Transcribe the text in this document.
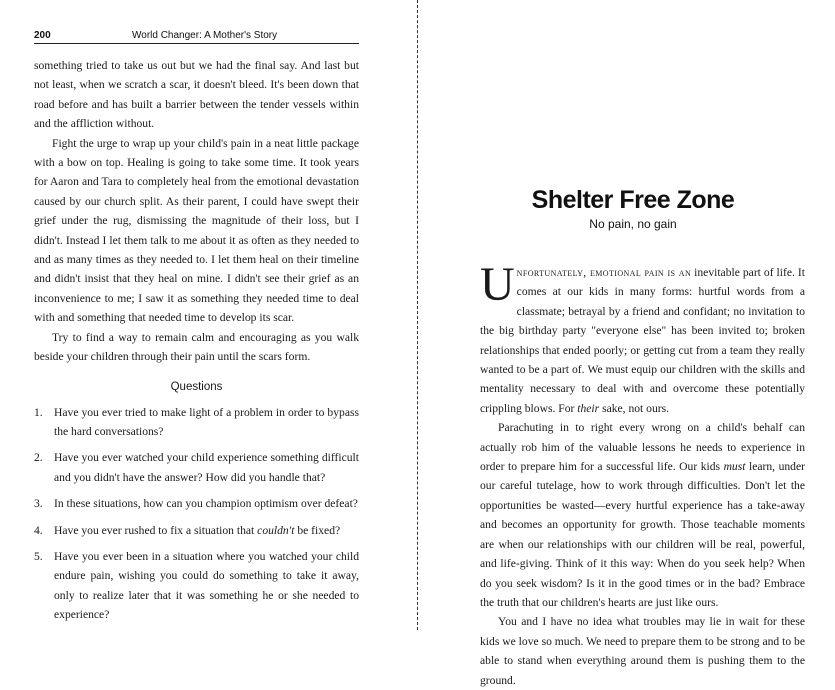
200	World Changer: A Mother's Story

something tried to take us out but we had the final say. And last but not least, when we scratch a scar, it doesn't bleed. It's been down that road before and has built a barrier between the tender vessels within and the affliction without.

Fight the urge to wrap up your child's pain in a neat little package with a bow on top. Healing is going to take some time. It took years for Aaron and Tara to completely heal from the emotional devastation caused by our church split. As their parent, I could have swept their grief under the rug, dismissing the magnitude of their loss, but I didn't. Instead I let them talk to me about it as often as they needed to and as many times as they needed to. I let them heal on their timeline and didn't insist that they heal on mine. I didn't see their grief as an inconvenience to me; I saw it as something they needed time to deal with and something that needed time to develop its scar.

Try to find a way to remain calm and encouraging as you walk beside your children through their pain until the scars form.

Questions
1. Have you ever tried to make light of a problem in order to bypass the hard conversations?
2. Have you ever watched your child experience something difficult and you didn't have the answer? How did you handle that?
3. In these situations, how can you champion optimism over defeat?
4. Have you ever rushed to fix a situation that couldn't be fixed?
5. Have you ever been in a situation where you watched your child endure pain, wishing you could do something to take it away, only to realize later that it was something he or she needed to experience?
Shelter Free Zone
No pain, no gain

Unfortunately, emotional pain is an inevitable part of life. It comes at our kids in many forms: hurtful words from a classmate; betrayal by a friend and confidant; no invitation to the big birthday party "everyone else" has been invited to; broken relationships that ended poorly; or getting cut from a team they really wanted to be a part of. We must equip our children with the skills and mentality necessary to deal with and overcome these potentially crippling blows. For their sake, not ours.

Parachuting in to right every wrong on a child's behalf can actually rob him of the valuable lessons he needs to experience in order to prepare him for a successful life. Our kids must learn, under our careful tutelage, how to work through difficulties. Don't let the opportunities be wasted—every hurtful experience has a take-away and becomes an opportunity for growth. Those teachable moments are when our relationships with our children will be real, powerful, and life-giving. Think of it this way: When do you seek help? When do you seek wisdom? Is it in the good times or in the bad? Embrace the truth that our children's hearts are just like ours.

You and I have no idea what troubles may lie in wait for these kids we love so much. We need to prepare them to be strong and to be able to stand when everything around them is pushing them to the ground.
